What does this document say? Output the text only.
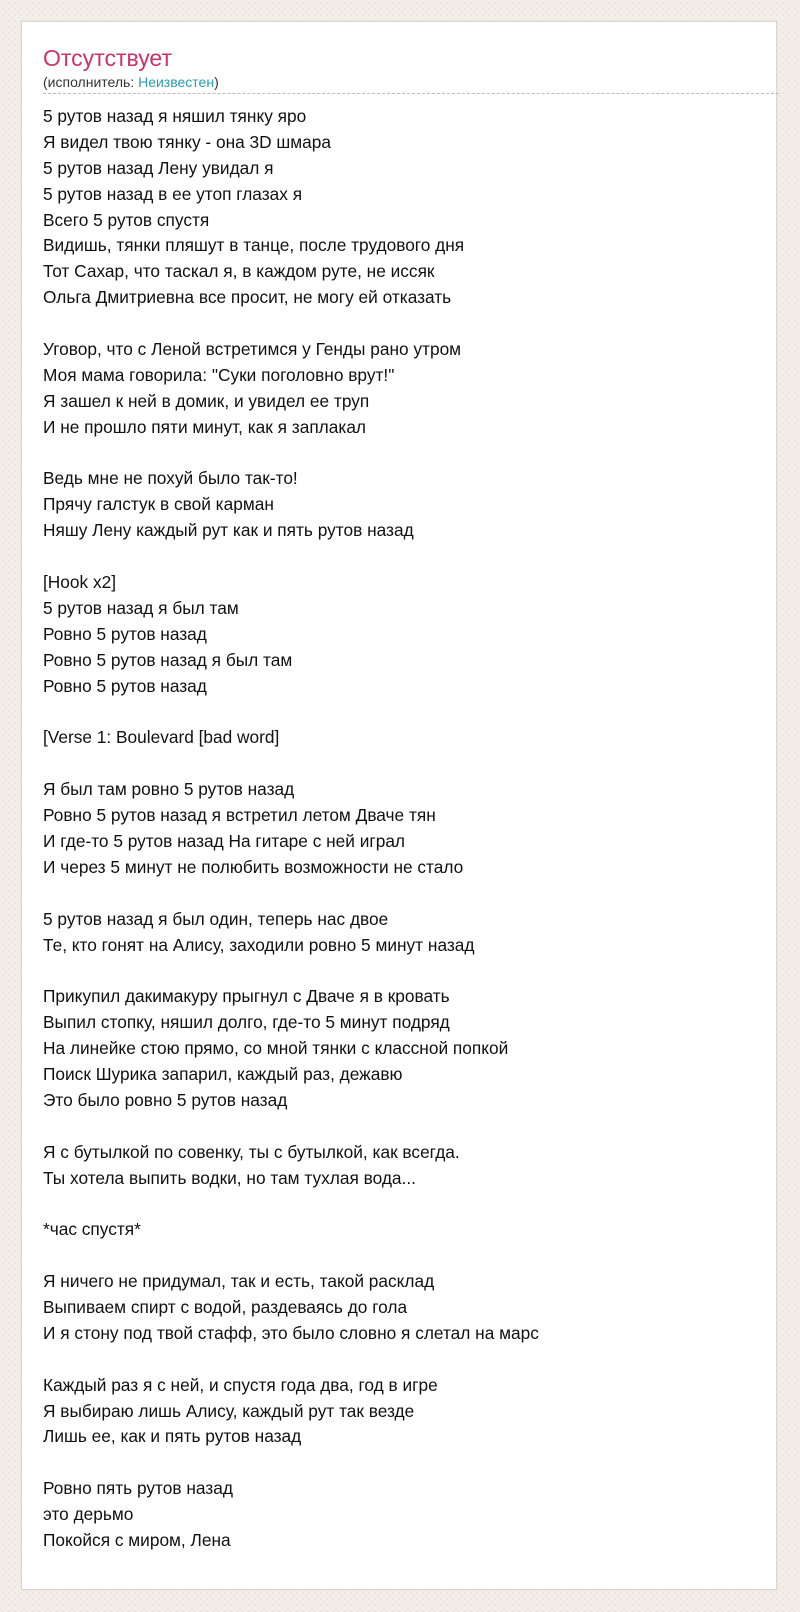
Отсутствует
(исполнитель: Неизвестен)
5 рутов назад я няшил тянку яро
Я видел твою тянку - она 3D шмара
5 рутов назад Лену увидал я
5 рутов назад в ее утоп глазах я
Всего 5 рутов спустя
Видишь, тянки пляшут в танце, после трудового дня
Тот Сахар, что таскал я, в каждом руте, не иссяк
Ольга Дмитриевна все просит, не могу ей отказать
Уговор, что с Леной встретимся у Генды рано утром
Моя мама говорила: "Суки поголовно врут!"
Я зашел к ней в домик, и увидел ее труп
И не прошло пяти минут, как я заплакал
Ведь мне не похуй было так-то!
Прячу галстук в свой карман
Няшу Лену каждый рут как и пять рутов назад
[Hook x2]
5 рутов назад я был там
Ровно 5 рутов назад
Ровно 5 рутов назад я был там
Ровно 5 рутов назад
[Verse 1: Boulevard [bad word]
Я был там ровно 5 рутов назад
Ровно 5 рутов назад я встретил летом Дваче тян
И где-то 5 рутов назад На гитаре с ней играл
И через 5 минут не полюбить возможности не стало
5 рутов назад я был один, теперь нас двое
Те, кто гонят на Алису, заходили ровно 5 минут назад
Прикупил дакимакуру прыгнул с Дваче я в кровать
Выпил стопку, няшил долго, где-то 5 минут подряд
На линейке стою прямо, со мной тянки с классной попкой
Поиск Шурика запарил, каждый раз, дежавю
Это было ровно 5 рутов назад
Я с бутылкой по совенку, ты с бутылкой, как всегда.
Ты хотела выпить водки, но там тухлая вода...
*час спустя*
Я ничего не придумал, так и есть, такой расклад
Выпиваем спирт с водой, раздеваясь до гола
И я стону под твой стафф, это было словно я слетал на марс
Каждый раз я с ней, и спустя года два, год в игре
Я выбираю лишь Алису, каждый рут так везде
Лишь ее, как и пять рутов назад
Ровно пять рутов назад
это дерьмо
Покойся с миром, Лена
